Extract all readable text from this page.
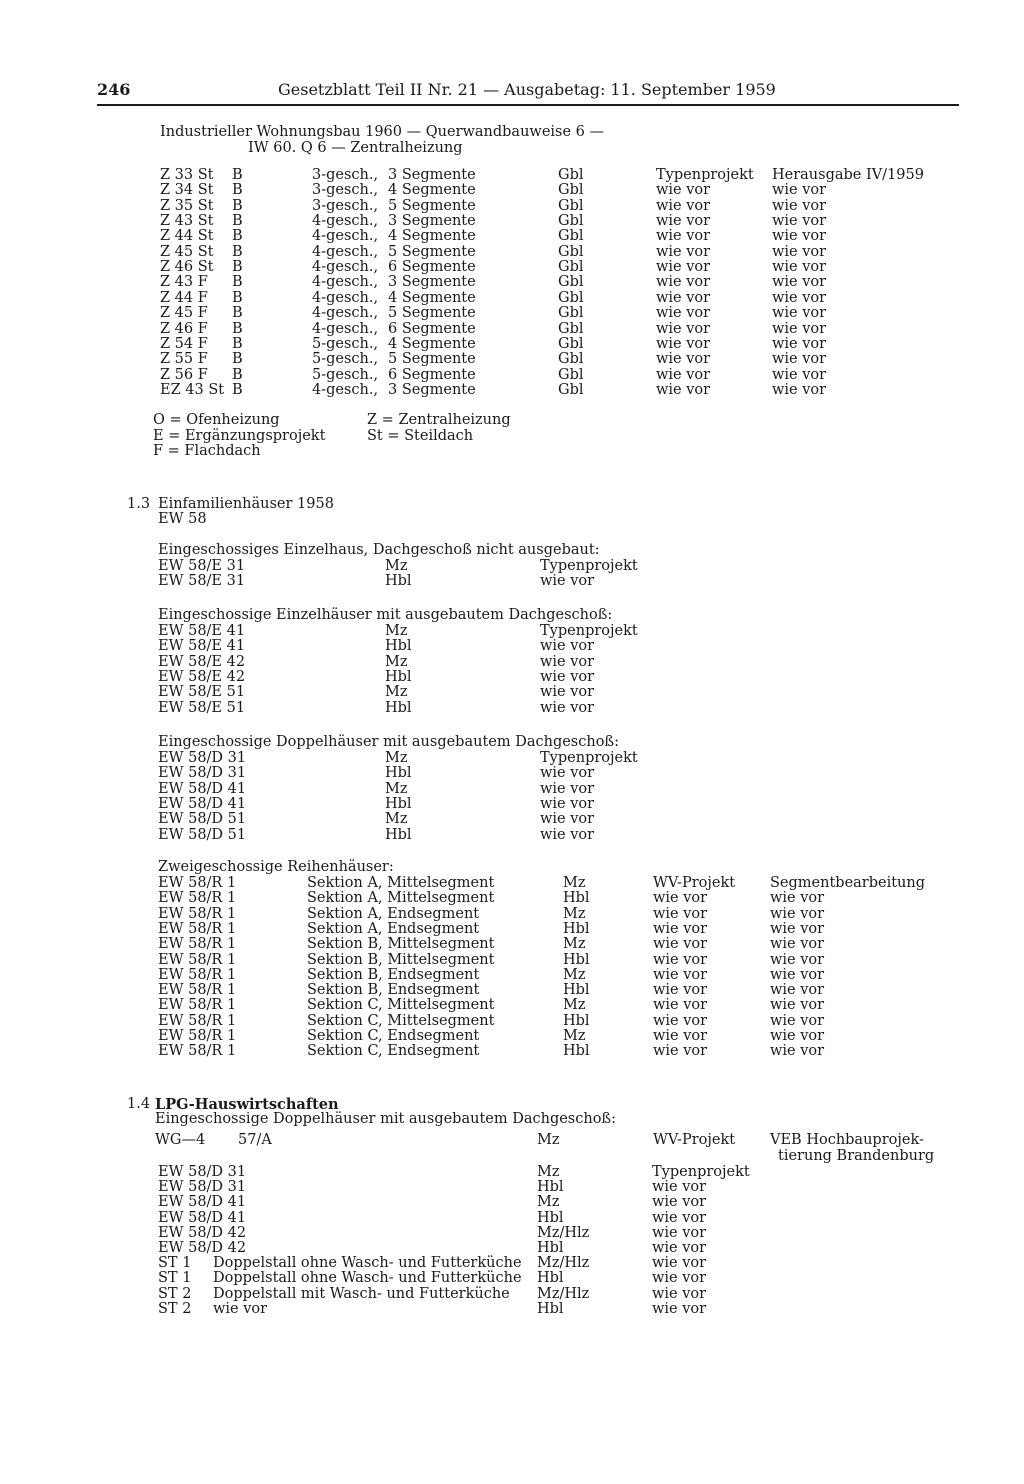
246	Gesetzblatt Teil II Nr. 21 — Ausgabetag: 11. September 1959
Industrieller Wohnungsbau 1960 — Querwandbauweise 6 —
IW 60. Q 6 — Zentralheizung
Z 33 St B	3-gesch., 3 Segmente	Gbl	Typenprojekt Herausgabe IV/1959
Z 34 St B	3-gesch., 4 Segmente	Gbl	wie vor	wie vor
Z 35 St B	3-gesch., 5 Segmente	Gbl	wie vor	wie vor
Z 43 St B	4-gesch., 3 Segmente	Gbl	wie vor	wie vor
Z 44 St B	4-gesch., 4 Segmente	Gbl	wie vor	wie vor
Z 45 St B	4-gesch., 5 Segmente	Gbl	wie vor	wie vor
Z 46 St B	4-gesch., 6 Segmente	Gbl	wie vor	wie vor
Z 43 F B	4-gesch., 3 Segmente	Gbl	wie vor	wie vor
Z 44 F B	4-gesch., 4 Segmente	Gbl	wie vor	wie vor
Z 45 F B	4-gesch., 5 Segmente	Gbl	wie vor	wie vor
Z 46 F B	4-gesch., 6 Segmente	Gbl	wie vor	wie vor
Z 54 F B	5-gesch., 4 Segmente	Gbl	wie vor	wie vor
Z 55 F B	5-gesch., 5 Segmente	Gbl	wie vor	wie vor
Z 56 F B	5-gesch., 6 Segmente	Gbl	wie vor	wie vor
EZ 43 St B	4-gesch., 3 Segmente	Gbl	wie vor	wie vor
O = Ofenheizung	Z = Zentralheizung
E = Ergänzungsprojekt	St = Steildach
F = Flachdach
1.3 Einfamilienhäuser 1958
EW 58
Eingeschossiges Einzelhaus, Dachgeschoß nicht ausgebaut:
EW 58/E 31	Mz	Typenprojekt
EW 58/E 31	Hbl	wie vor
Eingeschossige Einzelhäuser mit ausgebautem Dachgeschoß:
EW 58/E 41	Mz	Typenprojekt
EW 58/E 41	Hbl	wie vor
EW 58/E 42	Mz	wie vor
EW 58/E 42	Hbl	wie vor
EW 58/E 51	Mz	wie vor
EW 58/E 51	Hbl	wie vor
Eingeschossige Doppelhäuser mit ausgebautem Dachgeschoß:
EW 58/D 31	Mz	Typenprojekt
EW 58/D 31	Hbl	wie vor
EW 58/D 41	Mz	wie vor
EW 58/D 41	Hbl	wie vor
EW 58/D 51	Mz	wie vor
EW 58/D 51	Hbl	wie vor
Zweigeschossige Reihenhäuser:
EW 58/R 1	Sektion A, Mittelsegment	Mz	WV-Projekt Segmentbearbeitung
EW 58/R 1	Sektion A, Mittelsegment	Hbl	wie vor	wie vor
EW 58/R 1	Sektion A, Endsegment	Mz	wie vor	wie vor
EW 58/R 1	Sektion A, Endsegment	Hbl	wie vor	wie vor
EW 58/R 1	Sektion B, Mittelsegment	Mz	wie vor	wie vor
EW 58/R 1	Sektion B, Mittelsegment	Hbl	wie vor	wie vor
EW 58/R 1	Sektion B, Endsegment	Mz	wie vor	wie vor
EW 58/R 1	Sektion B, Endsegment	Hbl	wie vor	wie vor
EW 58/R 1	Sektion C, Mittelsegment	Mz	wie vor	wie vor
EW 58/R 1	Sektion C, Mittelsegment	Hbl	wie vor	wie vor
EW 58/R 1	Sektion C, Endsegment	Mz	wie vor	wie vor
EW 58/R 1	Sektion C, Endsegment	Hbl	wie vor	wie vor
1.4 LPG-Hauswirtschaften
Eingeschossige Doppelhäuser mit ausgebautem Dachgeschoß:
WG—4 57/A	Mz	WV-Projekt VEB Hochbauprojek-
tierung Brandenburg
EW 58/D 31	Mz	Typenprojekt
EW 58/D 31	Hbl	wie vor
EW 58/D 41	Mz	wie vor
EW 58/D 41	Hbl	wie vor
EW 58/D 42	Mz/Hlz	wie vor
EW 58/D 42	Hbl	wie vor
ST 1 Doppelstall ohne Wasch- und Futterküche Mz/Hlz	wie vor
ST 1 Doppelstall ohne Wasch- und Futterküche Hbl	wie vor
ST 2 Doppelstall mit Wasch- und Futterküche Mz/Hlz	wie vor
ST 2 wie vor	Hbl	wie vor
